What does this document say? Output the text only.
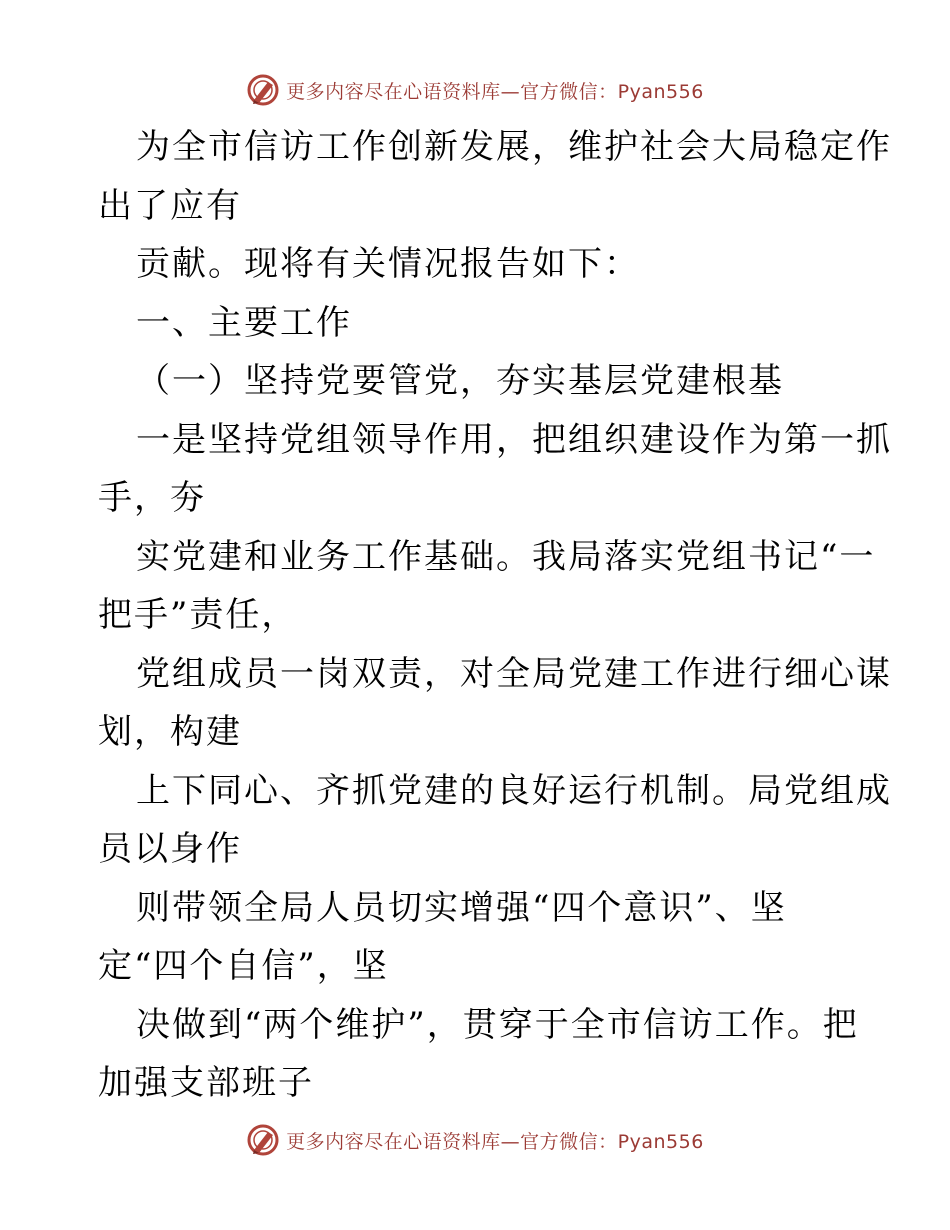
更多内容尽在心语资料库—官方微信：Pyan556
为全市信访工作创新发展，维护社会大局稳定作
出了应有
贡献。现将有关情况报告如下：
一、主要工作
（一）坚持党要管党，夯实基层党建根基
一是坚持党组领导作用，把组织建设作为第一抓
手，夯
实党建和业务工作基础。我局落实党组书记“一
把手”责任，
党组成员一岗双责，对全局党建工作进行细心谋
划，构建
上下同心、齐抓党建的良好运行机制。局党组成
员以身作
则带领全局人员切实增强“四个意识”、坚
定“四个自信”，坚
决做到“两个维护”，贯穿于全市信访工作。把
加强支部班子
更多内容尽在心语资料库—官方微信：Pyan556
